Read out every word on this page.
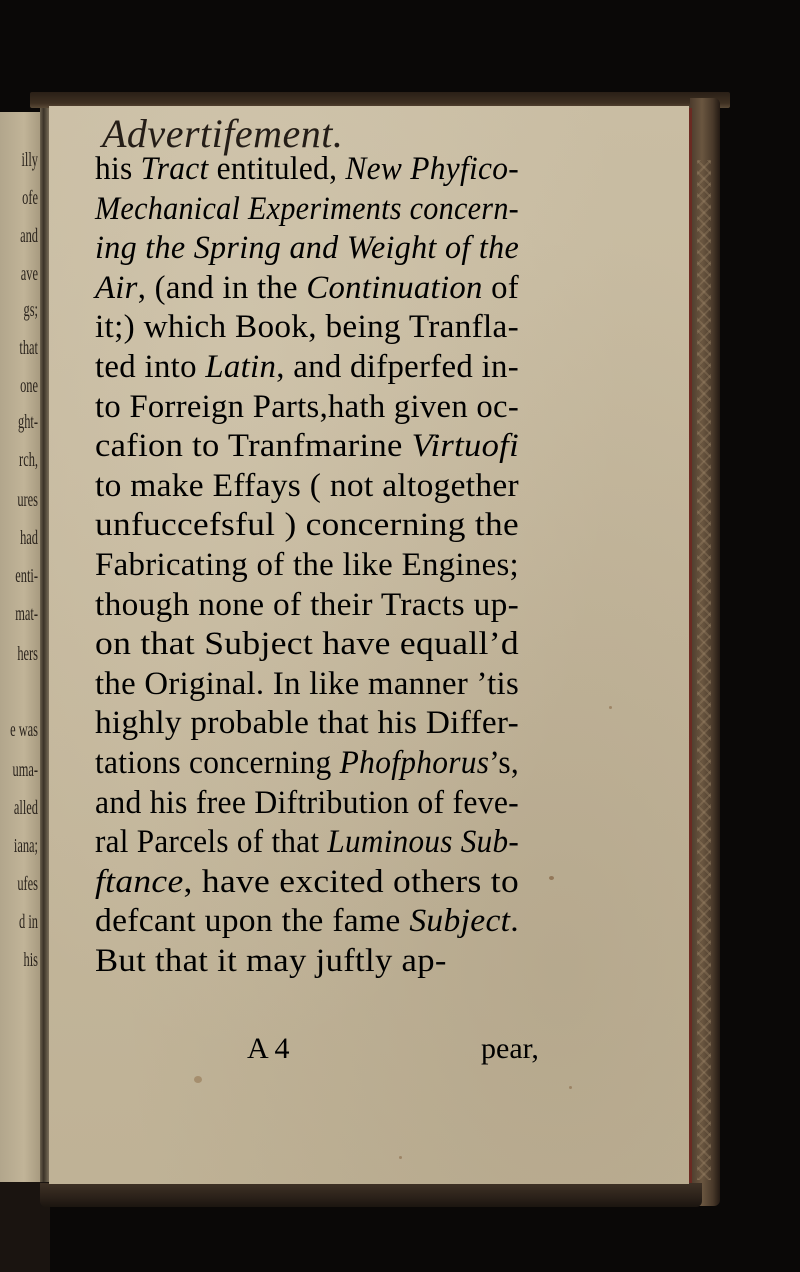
illy
ofe
and
ave
gs;
that
one
ght-
rch,
ures
had
enti-
mat-
hers
e was
uma-
alled
iana;
ufes
d in
his
Advertifement.
his Tract entituled, New Phyfico-
Mechanical Experiments concern-
ing the Spring and Weight of the
Air, (and in the Continuation of
it;) which Book, being Tranfla-
ted into Latin, and difperfed in-
to Forreign Parts,hath given oc-
cafion to Tranfmarine Virtuofi
to make Effays ( not altogether
unfuccefsful ) concerning the
Fabricating of the like Engines;
though none of their Tracts up-
on that Subject have equall’d
the Original. In like manner ’tis
highly probable that his Differ-
tations concerning Phofphorus’s,
and his free Diftribution of feve-
ral Parcels of that Luminous Sub-
ftance, have excited others to
defcant upon the fame Subject.
But that it may juftly ap-
A 4	pear,
